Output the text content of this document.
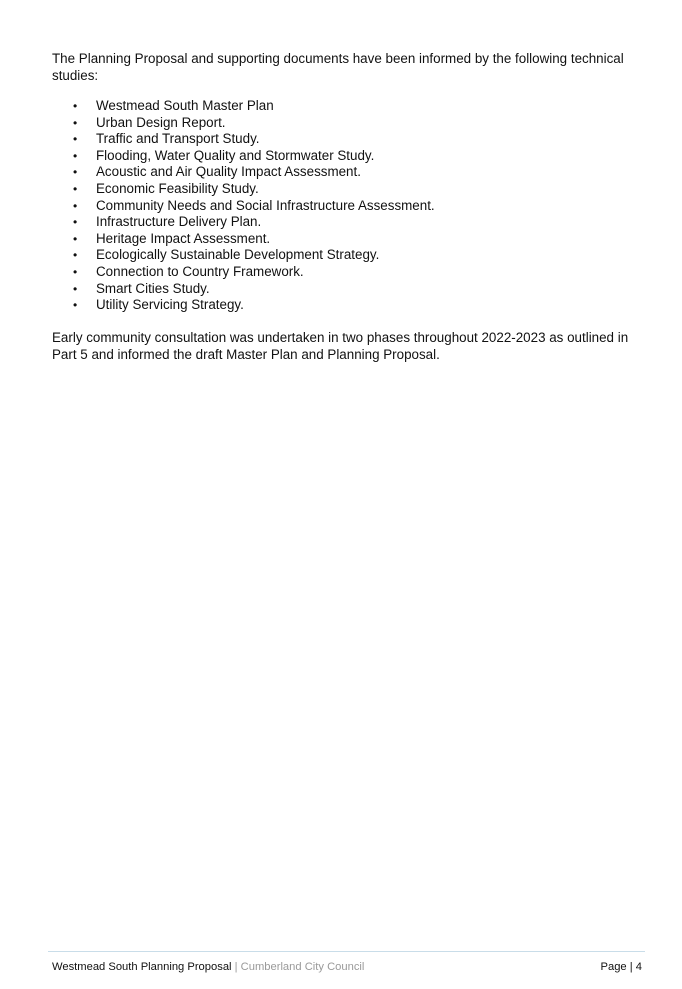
The Planning Proposal and supporting documents have been informed by the following technical studies:

• Westmead South Master Plan
• Urban Design Report.
• Traffic and Transport Study.
• Flooding, Water Quality and Stormwater Study.
• Acoustic and Air Quality Impact Assessment.
• Economic Feasibility Study.
• Community Needs and Social Infrastructure Assessment.
• Infrastructure Delivery Plan.
• Heritage Impact Assessment.
• Ecologically Sustainable Development Strategy.
• Connection to Country Framework.
• Smart Cities Study.
• Utility Servicing Strategy.

Early community consultation was undertaken in two phases throughout 2022-2023 as outlined in Part 5 and informed the draft Master Plan and Planning Proposal.

Westmead South Planning Proposal | Cumberland City Council	Page | 4
